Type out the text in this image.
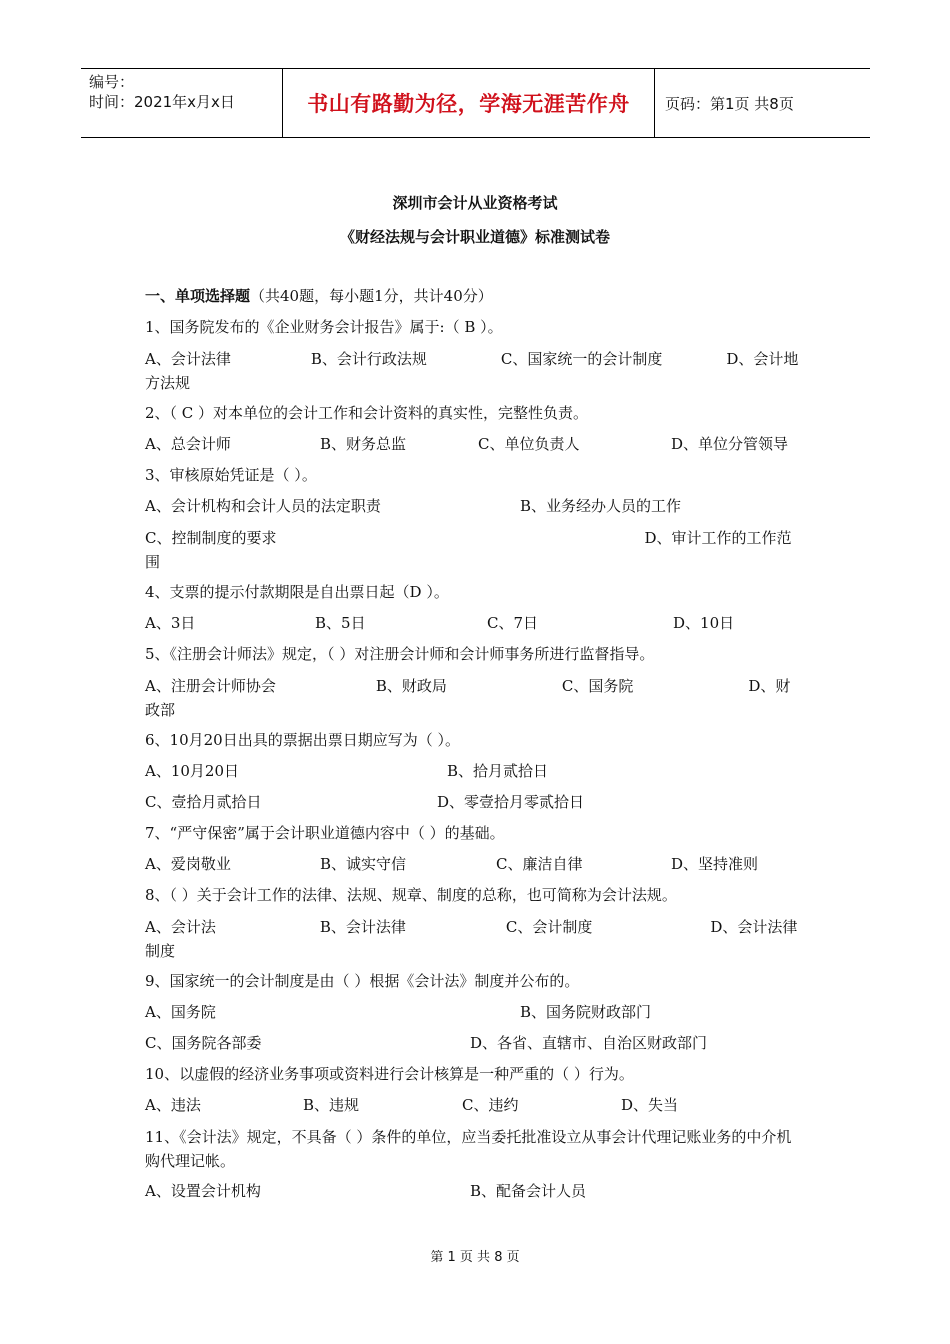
编号：
时间：2021年x月x日	书山有路勤为径，学海无涯苦作舟	页码：第1页 共8页
深圳市会计从业资格考试
《财经法规与会计职业道德》标准测试卷
一、单项选择题（共40题，每小题1分，共计40分）
1、国务院发布的《企业财务会计报告》属于:（ B ）。
A、会计法律	B、会计行政法规	C、国家统一的会计制度	D、会计地方法规
2、（ C ）对本单位的会计工作和会计资料的真实性，完整性负责。
A、总会计师	B、财务总监	C、单位负责人	D、单位分管领导
3、审核原始凭证是（ ）。
A、会计机构和会计人员的法定职责	B、业务经办人员的工作
C、控制制度的要求	D、审计工作的工作范围
4、支票的提示付款期限是自出票日起（D ）。
A、3日	B、5日	C、7日	D、10日
5、《注册会计师法》规定，（ ）对注册会计师和会计师事务所进行监督指导。
A、注册会计师协会	B、财政局	C、国务院	D、财政部
6、10月20日出具的票据出票日期应写为（ ）。
A、10月20日	B、拾月贰拾日
C、壹拾月贰拾日	D、零壹拾月零贰拾日
7、“严守保密”属于会计职业道德内容中（ ）的基础。
A、爱岗敬业	B、诚实守信	C、廉洁自律	D、坚持准则
8、（ ）关于会计工作的法律、法规、规章、制度的总称，也可简称为会计法规。
A、会计法	B、会计法律	C、会计制度	D、会计法律制度
9、国家统一的会计制度是由（ ）根据《会计法》制度并公布的。
A、国务院	B、国务院财政部门
C、国务院各部委	D、各省、直辖市、自治区财政部门
10、以虚假的经济业务事项或资料进行会计核算是一种严重的（ ）行为。
A、违法	B、违规	C、违约	D、失当
11、《会计法》规定，不具备（ ）条件的单位，应当委托批准设立从事会计代理记账业务的中介机购代理记帐。
A、设置会计机构	B、配备会计人员
第 1 页 共 8 页
